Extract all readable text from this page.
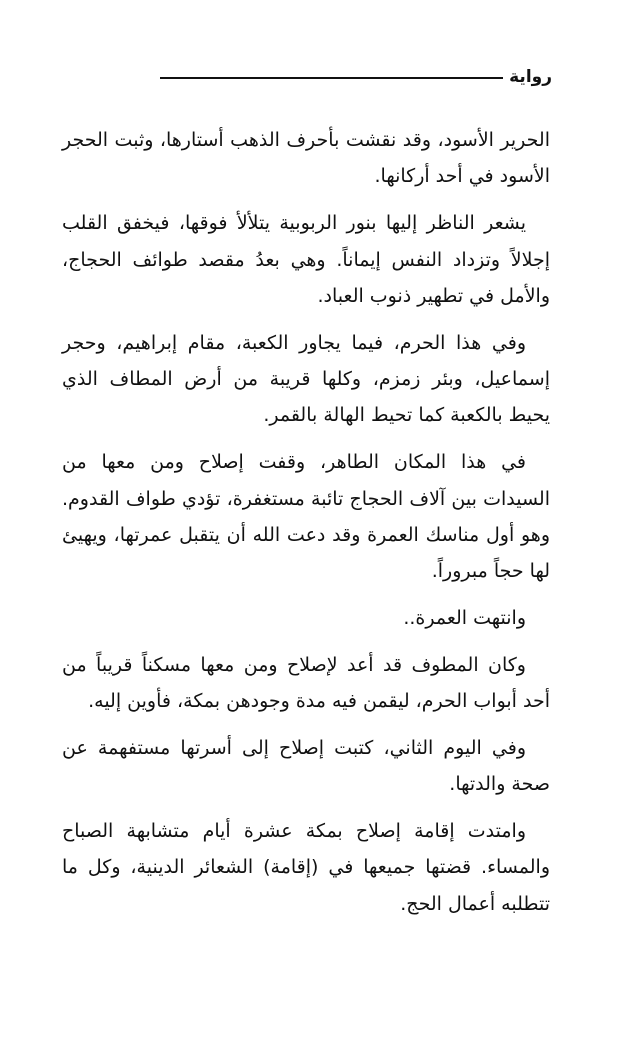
رواية

الحرير الأسود، وقد نقشت بأحرف الذهب أستارها، وثبت الحجر الأسود في أحد أركانها.

يشعر الناظر إليها بنور الربوبية يتلألأ فوقها، فيخفق القلب إجلالاً وتزداد النفس إيماناً. وهي بعدُ مقصد طوائف الحجاج، والأمل في تطهير ذنوب العباد.

وفي هذا الحرم، فيما يجاور الكعبة، مقام إبراهيم، وحجر إسماعيل، وبئر زمزم، وكلها قريبة من أرض المطاف الذي يحيط بالكعبة كما تحيط الهالة بالقمر.

في هذا المكان الطاهر، وقفت إصلاح ومن معها من السيدات بين آلاف الحجاج تائبة مستغفرة، تؤدي طواف القدوم. وهو أول مناسك العمرة وقد دعت الله أن يتقبل عمرتها، ويهيئ لها حجاً مبروراً.

وانتهت العمرة..

وكان المطوف قد أعد لإصلاح ومن معها مسكناً قريباً من أحد أبواب الحرم، ليقمن فيه مدة وجودهن بمكة، فأوين إليه.

وفي اليوم الثاني، كتبت إصلاح إلى أسرتها مستفهمة عن صحة والدتها.

وامتدت إقامة إصلاح بمكة عشرة أيام متشابهة الصباح والمساء. قضتها جميعها في (إقامة) الشعائر الدينية، وكل ما تتطلبه أعمال الحج.
